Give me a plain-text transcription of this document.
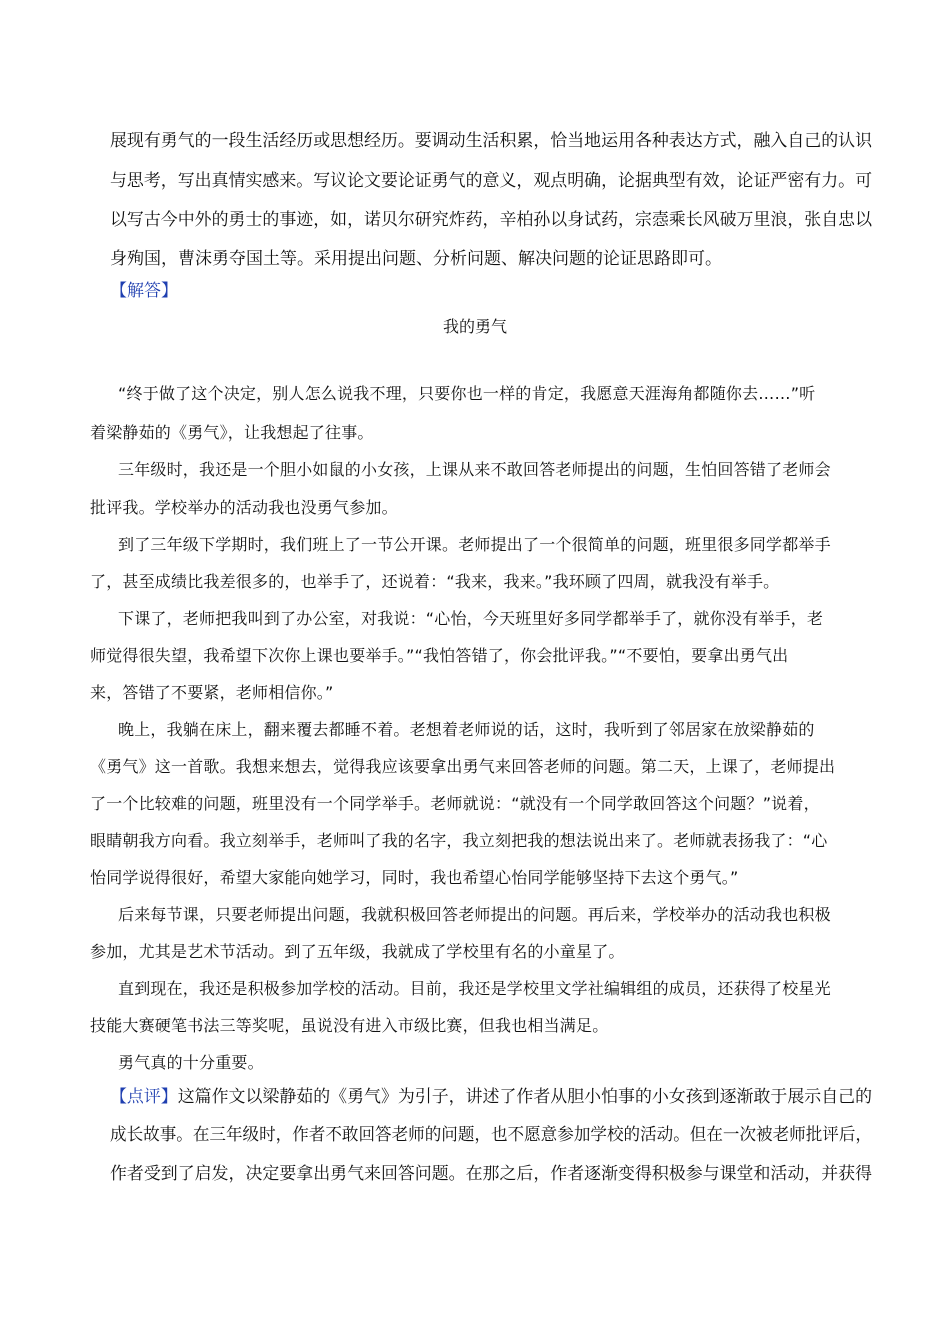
展现有勇气的一段生活经历或思想经历。要调动生活积累，恰当地运用各种表达方式，融入自己的认识

与思考，写出真情实感来。写议论文要论证勇气的意义，观点明确，论据典型有效，论证严密有力。可

以写古今中外的勇士的事迹，如，诺贝尔研究炸药，辛柏孙以身试药，宗悫乘长风破万里浪，张自忠以

身殉国，曹沫勇夺国土等。采用提出问题、分析问题、解决问题的论证思路即可。

【解答】

我的勇气

“终于做了这个决定，别人怎么说我不理，只要你也一样的肯定，我愿意天涯海角都随你去……”听

着梁静茹的《勇气》，让我想起了往事。

三年级时，我还是一个胆小如鼠的小女孩，上课从来不敢回答老师提出的问题，生怕回答错了老师会

批评我。学校举办的活动我也没勇气参加。

到了三年级下学期时，我们班上了一节公开课。老师提出了一个很简单的问题，班里很多同学都举手

了，甚至成绩比我差很多的，也举手了，还说着：“我来，我来。”我环顾了四周，就我没有举手。

下课了，老师把我叫到了办公室，对我说：“心怡，今天班里好多同学都举手了，就你没有举手，老

师觉得很失望，我希望下次你上课也要举手。”“我怕答错了，你会批评我。”“不要怕，要拿出勇气出

来，答错了不要紧，老师相信你。”

晚上，我躺在床上，翻来覆去都睡不着。老想着老师说的话，这时，我听到了邻居家在放梁静茹的

《勇气》这一首歌。我想来想去，觉得我应该要拿出勇气来回答老师的问题。第二天，上课了，老师提出

了一个比较难的问题，班里没有一个同学举手。老师就说：“就没有一个同学敢回答这个问题？”说着，

眼睛朝我方向看。我立刻举手，老师叫了我的名字，我立刻把我的想法说出来了。老师就表扬我了：“心

怡同学说得很好，希望大家能向她学习，同时，我也希望心怡同学能够坚持下去这个勇气。”

后来每节课，只要老师提出问题，我就积极回答老师提出的问题。再后来，学校举办的活动我也积极

参加，尤其是艺术节活动。到了五年级，我就成了学校里有名的小童星了。

直到现在，我还是积极参加学校的活动。目前，我还是学校里文学社编辑组的成员，还获得了校星光

技能大赛硬笔书法三等奖呢，虽说没有进入市级比赛，但我也相当满足。

勇气真的十分重要。

【点评】这篇作文以梁静茹的《勇气》为引子，讲述了作者从胆小怕事的小女孩到逐渐敢于展示自己的

成长故事。在三年级时，作者不敢回答老师的问题，也不愿意参加学校的活动。但在一次被老师批评后，

作者受到了启发，决定要拿出勇气来回答问题。在那之后，作者逐渐变得积极参与课堂和活动，并获得
